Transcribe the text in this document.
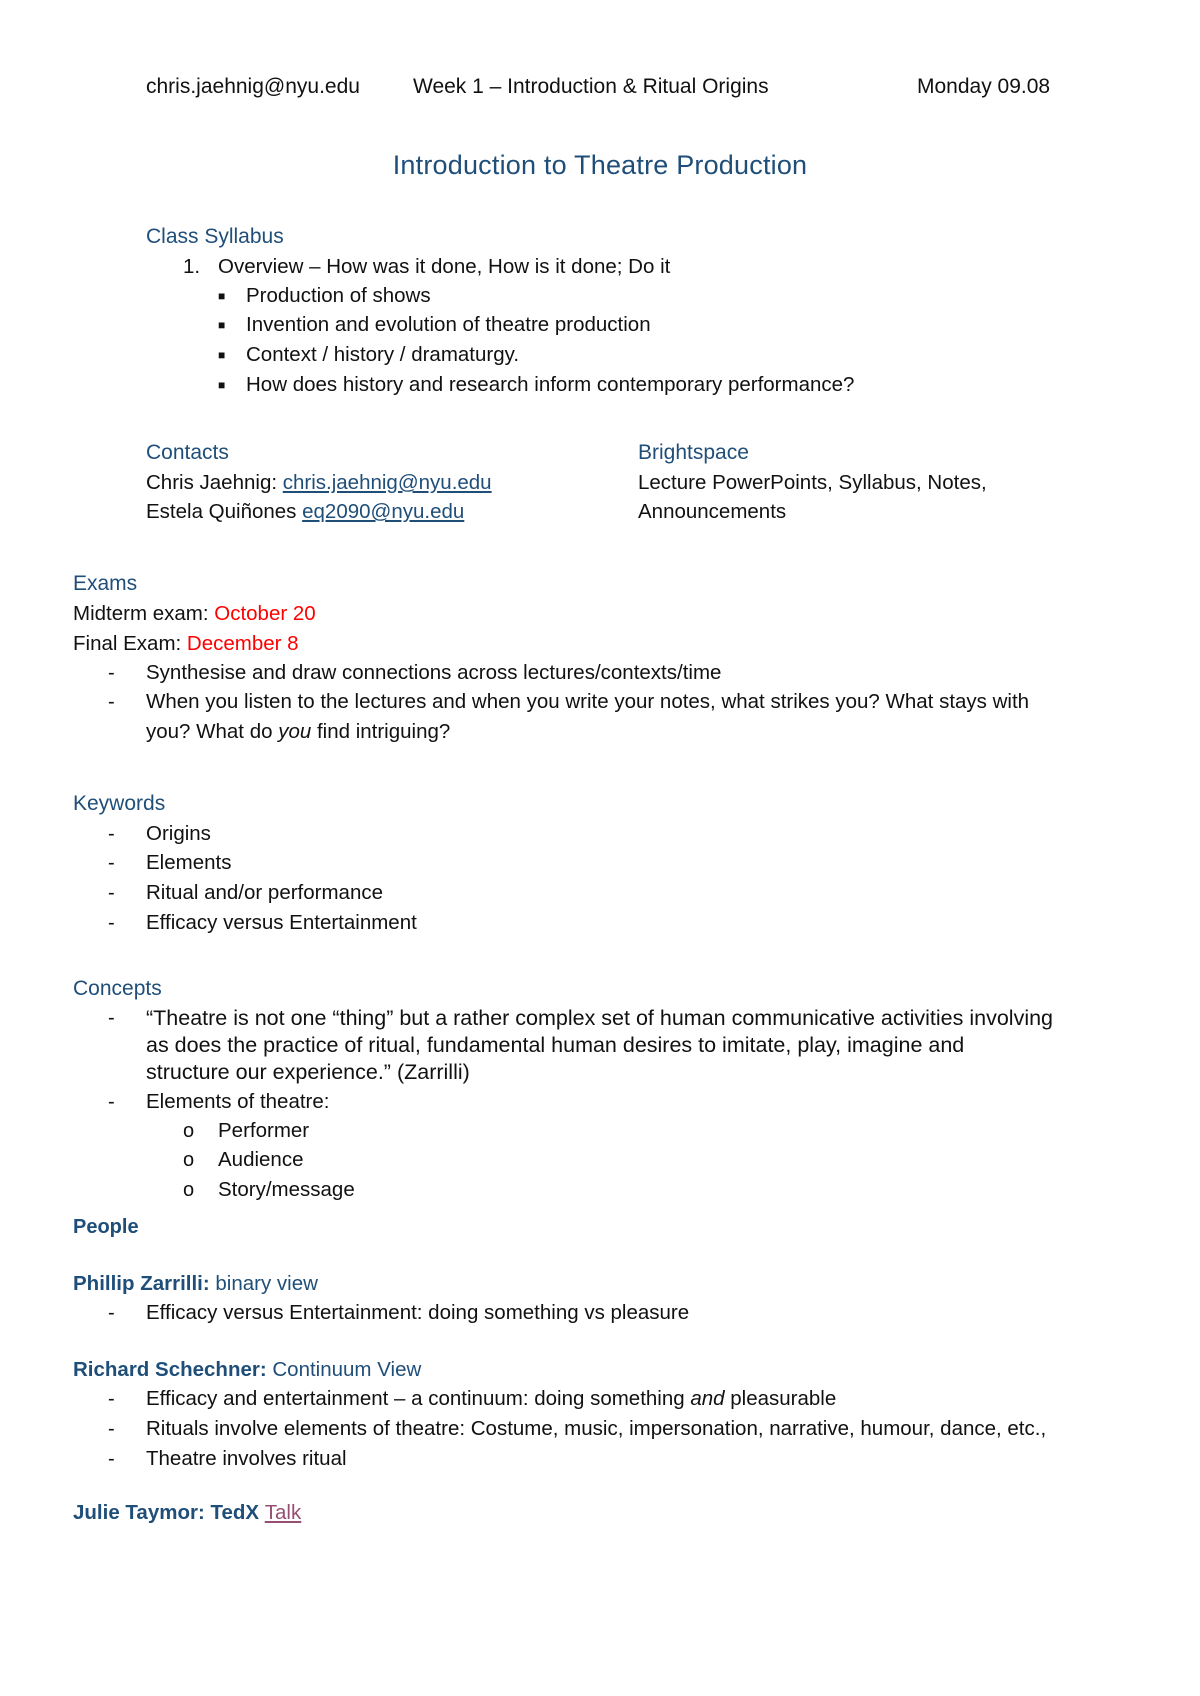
chris.jaehnig@nyu.edu	Week 1 – Introduction & Ritual Origins	Monday 09.08
Introduction to Theatre Production
Class Syllabus
1. Overview – How was it done, How is it done; Do it
■ Production of shows
■ Invention and evolution of theatre production
■ Context / history / dramaturgy.
■ How does history and research inform contemporary performance?
Contacts
Chris Jaehnig: chris.jaehnig@nyu.edu
Estela Quiñones eq2090@nyu.edu
Brightspace
Lecture PowerPoints, Syllabus, Notes,
Announcements
Exams
Midterm exam: October 20
Final Exam: December 8
- Synthesise and draw connections across lectures/contexts/time
- When you listen to the lectures and when you write your notes, what strikes you? What stays with
you? What do you find intriguing?
Keywords
- Origins
- Elements
- Ritual and/or performance
- Efficacy versus Entertainment
Concepts
- “Theatre is not one “thing” but a rather complex set of human communicative activities involving
as does the practice of ritual, fundamental human desires to imitate, play, imagine and
structure our experience.” (Zarrilli)
- Elements of theatre:
o Performer
o Audience
o Story/message
People
Phillip Zarrilli: binary view
- Efficacy versus Entertainment: doing something vs pleasure
Richard Schechner: Continuum View
- Efficacy and entertainment – a continuum: doing something and pleasurable
- Rituals involve elements of theatre: Costume, music, impersonation, narrative, humour, dance, etc.,
- Theatre involves ritual
Julie Taymor: TedX Talk
